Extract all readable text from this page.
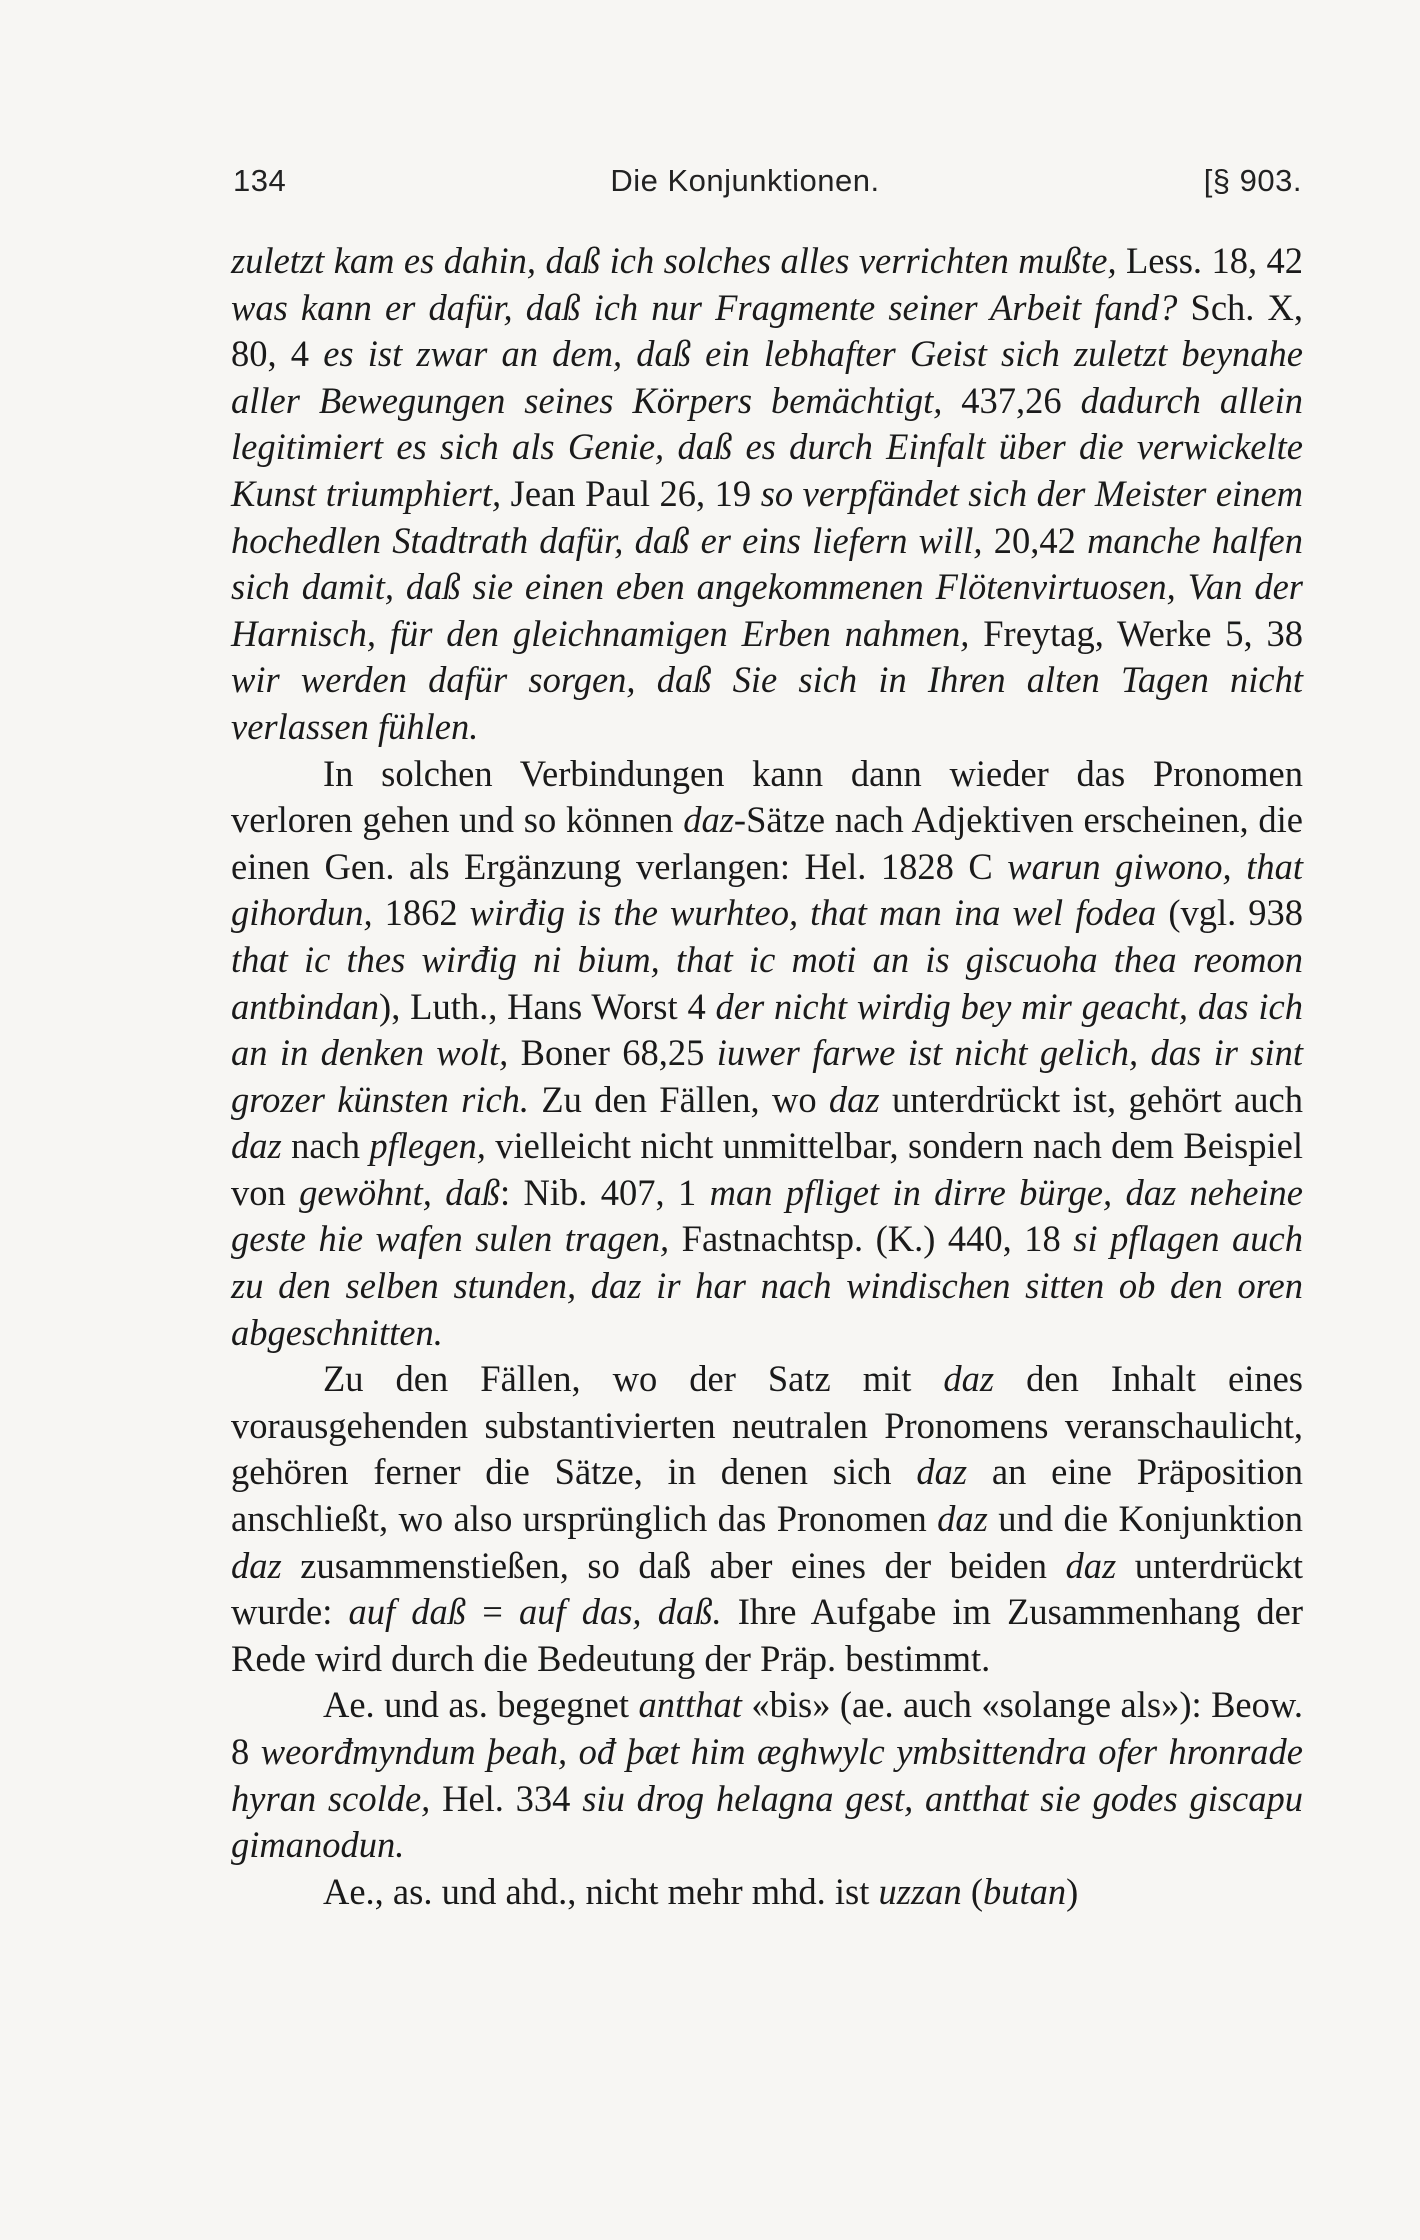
134	Die Konjunktionen.	[§ 903.

zuletzt kam es dahin, daß ich solches alles verrichten mußte, Less. 18, 42 was kann er dafür, daß ich nur Fragmente seiner Arbeit fand? Sch. X, 80, 4 es ist zwar an dem, daß ein lebhafter Geist sich zuletzt beynahe aller Bewegungen seines Körpers bemächtigt, 437,26 dadurch allein legitimiert es sich als Genie, daß es durch Einfalt über die verwickelte Kunst triumphiert, Jean Paul 26, 19 so verpfändet sich der Meister einem hochedlen Stadtrath dafür, daß er eins liefern will, 20,42 manche halfen sich damit, daß sie einen eben angekommenen Flötenvirtuosen, Van der Harnisch, für den gleichnamigen Erben nahmen, Freytag, Werke 5, 38 wir werden dafür sorgen, daß Sie sich in Ihren alten Tagen nicht verlassen fühlen.

In solchen Verbindungen kann dann wieder das Pronomen verloren gehen und so können daz-Sätze nach Adjektiven erscheinen, die einen Gen. als Ergänzung verlangen: Hel. 1828 C warun giwono, that gihordun, 1862 wirđig is the wurhteo, that man ina wel fodea (vgl. 938 that ic thes wirđig ni bium, that ic moti an is giscuoha thea reomon antbindan), Luth., Hans Worst 4 der nicht wirdig bey mir geacht, das ich an in denken wolt, Boner 68,25 iuwer farwe ist nicht gelich, das ir sint grozer künsten rich. Zu den Fällen, wo daz unterdrückt ist, gehört auch daz nach pflegen, vielleicht nicht unmittelbar, sondern nach dem Beispiel von gewöhnt, daß: Nib. 407, 1 man pfliget in dirre bürge, daz neheine geste hie wafen sulen tragen, Fastnachtsp. (K.) 440, 18 si pflagen auch zu den selben stunden, daz ir har nach windischen sitten ob den oren abgeschnitten.

Zu den Fällen, wo der Satz mit daz den Inhalt eines vorausgehenden substantivierten neutralen Pronomens veranschaulicht, gehören ferner die Sätze, in denen sich daz an eine Präposition anschließt, wo also ursprünglich das Pronomen daz und die Konjunktion daz zusammenstießen, so daß aber eines der beiden daz unterdrückt wurde: auf daß = auf das, daß. Ihre Aufgabe im Zusammenhang der Rede wird durch die Bedeutung der Präp. bestimmt.

Ae. und as. begegnet antthat «bis» (ae. auch «solange als»): Beow. 8 weorđmyndum þeah, ođ þæt him æghwylc ymbsittendra ofer hronrade hyran scolde, Hel. 334 siu drog helagna gest, antthat sie godes giscapu gimanodun.

Ae., as. und ahd., nicht mehr mhd. ist uzzan (butan)
